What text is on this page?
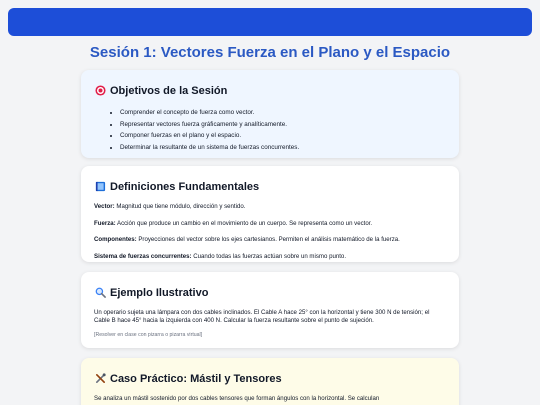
Sesión 1: Vectores Fuerza en el Plano y el Espacio
Objetivos de la Sesión
• Comprender el concepto de fuerza como vector.
• Representar vectores fuerza gráficamente y analíticamente.
• Componer fuerzas en el plano y el espacio.
• Determinar la resultante de un sistema de fuerzas concurrentes.
Definiciones Fundamentales

Vector: Magnitud que tiene módulo, dirección y sentido.

Fuerza: Acción que produce un cambio en el movimiento de un cuerpo. Se representa como un vector.

Componentes: Proyecciones del vector sobre los ejes cartesianos. Permiten el análisis matemático de la fuerza.

Sistema de fuerzas concurrentes: Cuando todas las fuerzas actúan sobre un mismo punto.

Ejemplo Ilustrativo

Un operario sujeta una lámpara con dos cables inclinados. El Cable A hace 25° con la horizontal y tiene 300 N de tensión; el Cable B hace 45° hacia la izquierda con 400 N. Calcular la fuerza resultante sobre el punto de sujeción.

[Resolver en clase con pizarra o pizarra virtual]

Caso Práctico: Mástil y Tensores

Se analiza un mástil sostenido por dos cables tensores que forman ángulos con la horizontal. Se calculan
